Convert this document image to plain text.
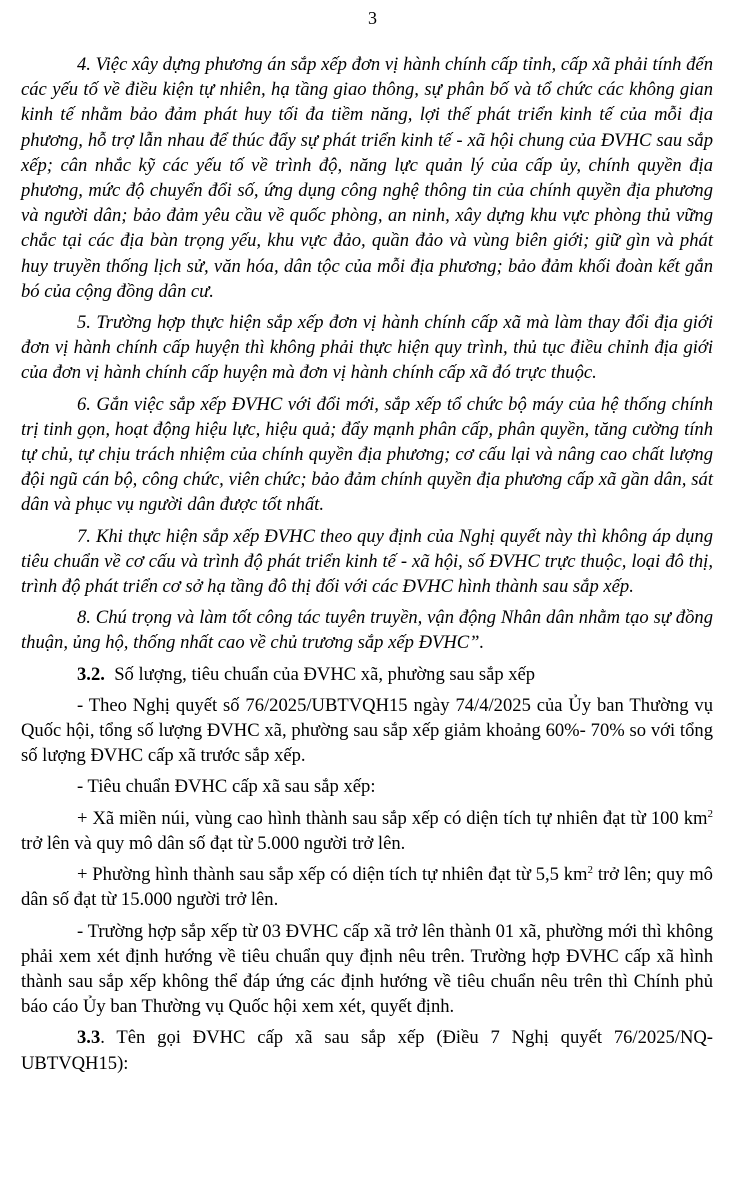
3

4. Việc xây dựng phương án sắp xếp đơn vị hành chính cấp tỉnh, cấp xã phải tính đến các yếu tố về điều kiện tự nhiên, hạ tầng giao thông, sự phân bố và tổ chức các không gian kinh tế nhằm bảo đảm phát huy tối đa tiềm năng, lợi thế phát triển kinh tế của mỗi địa phương, hỗ trợ lẫn nhau để thúc đẩy sự phát triển kinh tế - xã hội chung của ĐVHC sau sắp xếp; cân nhắc kỹ các yếu tố về trình độ, năng lực quản lý của cấp ủy, chính quyền địa phương, mức độ chuyển đổi số, ứng dụng công nghệ thông tin của chính quyền địa phương và người dân; bảo đảm yêu cầu về quốc phòng, an ninh, xây dựng khu vực phòng thủ vững chắc tại các địa bàn trọng yếu, khu vực đảo, quần đảo và vùng biên giới; giữ gìn và phát huy truyền thống lịch sử, văn hóa, dân tộc của mỗi địa phương; bảo đảm khối đoàn kết gắn bó của cộng đồng dân cư.

5. Trường hợp thực hiện sắp xếp đơn vị hành chính cấp xã mà làm thay đổi địa giới đơn vị hành chính cấp huyện thì không phải thực hiện quy trình, thủ tục điều chỉnh địa giới của đơn vị hành chính cấp huyện mà đơn vị hành chính cấp xã đó trực thuộc.

6. Gắn việc sắp xếp ĐVHC với đổi mới, sắp xếp tổ chức bộ máy của hệ thống chính trị tinh gọn, hoạt động hiệu lực, hiệu quả; đẩy mạnh phân cấp, phân quyền, tăng cường tính tự chủ, tự chịu trách nhiệm của chính quyền địa phương; cơ cấu lại và nâng cao chất lượng đội ngũ cán bộ, công chức, viên chức; bảo đảm chính quyền địa phương cấp xã gần dân, sát dân và phục vụ người dân được tốt nhất.

7. Khi thực hiện sắp xếp ĐVHC theo quy định của Nghị quyết này thì không áp dụng tiêu chuẩn về cơ cấu và trình độ phát triển kinh tế - xã hội, số ĐVHC trực thuộc, loại đô thị, trình độ phát triển cơ sở hạ tầng đô thị đối với các ĐVHC hình thành sau sắp xếp.

8. Chú trọng và làm tốt công tác tuyên truyền, vận động Nhân dân nhằm tạo sự đồng thuận, ủng hộ, thống nhất cao về chủ trương sắp xếp ĐVHC”.

3.2. Số lượng, tiêu chuẩn của ĐVHC xã, phường sau sắp xếp

- Theo Nghị quyết số 76/2025/UBTVQH15 ngày 74/4/2025 của Ủy ban Thường vụ Quốc hội, tổng số lượng ĐVHC xã, phường sau sắp xếp giảm khoảng 60%- 70% so với tổng số lượng ĐVHC cấp xã trước sắp xếp.

- Tiêu chuẩn ĐVHC cấp xã sau sắp xếp:

+ Xã miền núi, vùng cao hình thành sau sắp xếp có diện tích tự nhiên đạt từ 100 $km^2$ trở lên và quy mô dân số đạt từ 5.000 người trở lên.

+ Phường hình thành sau sắp xếp có diện tích tự nhiên đạt từ 5,5 $km^2$ trở lên; quy mô dân số đạt từ 15.000 người trở lên.

- Trường hợp sắp xếp từ 03 ĐVHC cấp xã trở lên thành 01 xã, phường mới thì không phải xem xét định hướng về tiêu chuẩn quy định nêu trên. Trường hợp ĐVHC cấp xã hình thành sau sắp xếp không thể đáp ứng các định hướng về tiêu chuẩn nêu trên thì Chính phủ báo cáo Ủy ban Thường vụ Quốc hội xem xét, quyết định.

3.3. Tên gọi ĐVHC cấp xã sau sắp xếp (Điều 7 Nghị quyết 76/2025/NQ-UBTVQH15):
